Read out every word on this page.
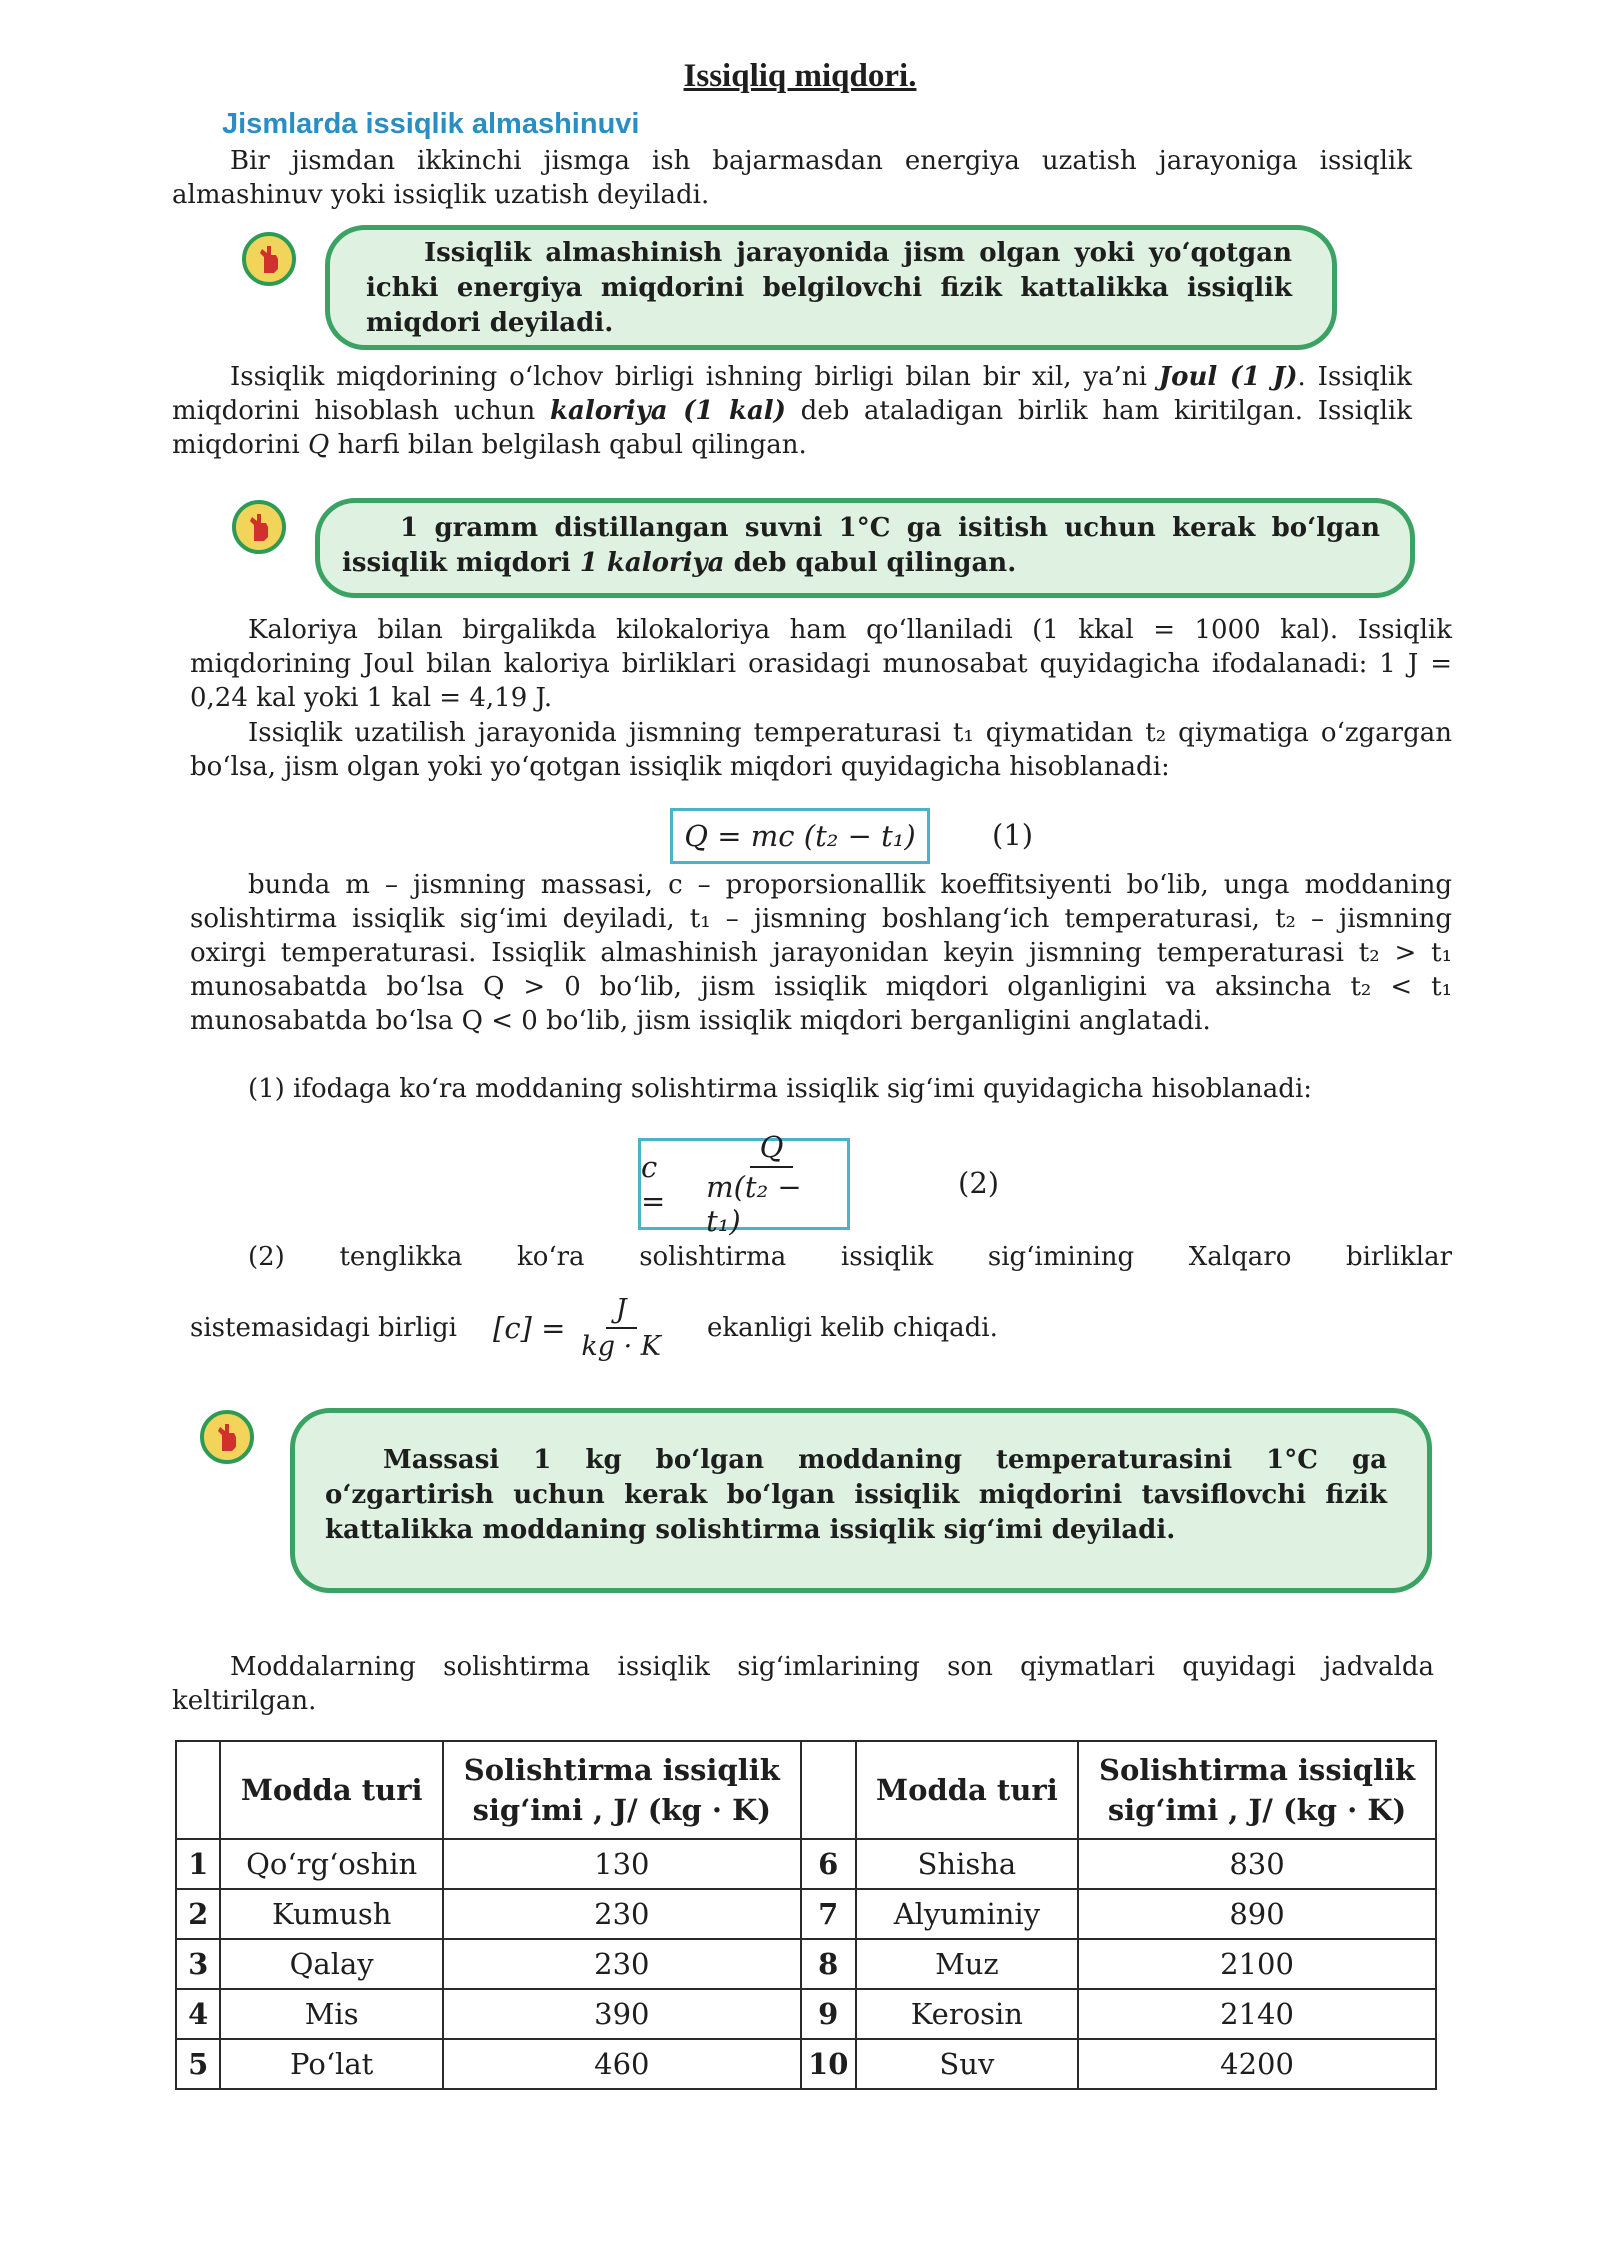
Issiqliq miqdori.
Jismlarda issiqlik almashinuvi
Bir jismdan ikkinchi jismga ish bajarmasdan energiya uzatish jarayoniga issiqlik almashinuv yoki issiqlik uzatish deyiladi.
Issiqlik almashinish jarayonida jism olgan yoki yo‘qotgan ichki energiya miqdorini belgilovchi fizik kattalikka issiqlik miqdori deyiladi.
Issiqlik miqdorining o‘lchov birligi ishning birligi bilan bir xil, ya’ni Joul (1 J). Issiqlik miqdorini hisoblash uchun kaloriya (1 kal) deb ataladigan birlik ham kiritilgan. Issiqlik miqdorini Q harfi bilan belgilash qabul qilingan.
1 gramm distillangan suvni 1°C ga isitish uchun kerak bo‘lgan issiqlik miqdori 1 kaloriya deb qabul qilingan.
Kaloriya bilan birgalikda kilokaloriya ham qo‘llaniladi (1 kkal = 1000 kal). Issiqlik miqdorining Joul bilan kaloriya birliklari orasidagi munosabat quyidagicha ifodalanadi: 1 J = 0,24 kal yoki 1 kal = 4,19 J.
Issiqlik uzatilish jarayonida jismning temperaturasi t₁ qiymatidan t₂ qiymatiga o‘zgargan bo‘lsa, jism olgan yoki yo‘qotgan issiqlik miqdori quyidagicha hisoblanadi:
Q = mc (t₂ − t₁)	(1)
bunda m – jismning massasi, c – proporsionallik koeffitsiyenti bo‘lib, unga moddaning solishtirma issiqlik sig‘imi deyiladi, t₁ – jismning boshlang‘ich temperaturasi, t₂ – jismning oxirgi temperaturasi. Issiqlik almashinish jarayonidan keyin jismning temperaturasi t₂ > t₁ munosabatda bo‘lsa Q > 0 bo‘lib, jism issiqlik miqdori olganligini va aksincha t₂ < t₁ munosabatda bo‘lsa Q < 0 bo‘lib, jism issiqlik miqdori berganligini anglatadi.
(1) ifodaga ko‘ra moddaning solishtirma issiqlik sig‘imi quyidagicha hisoblanadi:
c =	$\frac{Q}{\text{m(t₂ − t₁)}}$	(2)
(2) tenglikka ko‘ra solishtirma issiqlik sig‘imining Xalqaro birliklar
sistemasidagi birligi $[c] = \frac{J}{kg \cdot K}$ ekanligi kelib chiqadi.
Massasi 1 kg bo‘lgan moddaning temperaturasini 1°C ga o‘zgartirish uchun kerak bo‘lgan issiqlik miqdorini tavsiflovchi fizik kattalikka moddaning solishtirma issiqlik sig‘imi deyiladi.
Moddalarning solishtirma issiqlik sig‘imlarining son qiymatlari quyidagi jadvalda keltirilgan.
	Modda turi	Solishtirma issiqlik sig‘imi , J/ (kg · K)		Modda turi	Solishtirma issiqlik sig‘imi , J/ (kg · K)
1	Qo‘rg‘oshin	130	6	Shisha	830
2	Kumush	230	7	Alyuminiy	890
3	Qalay	230	8	Muz	2100
4	Mis	390	9	Kerosin	2140
5	Po‘lat	460	10	Suv	4200
